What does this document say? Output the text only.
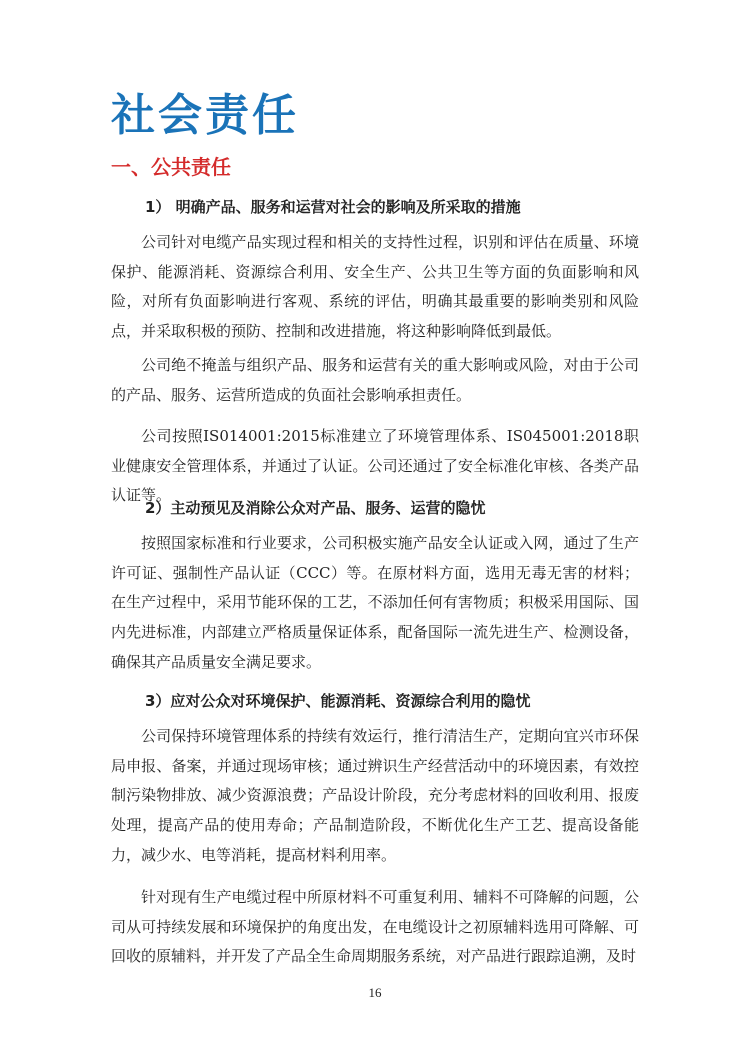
社会责任
一、公共责任
1） 明确产品、服务和运营对社会的影响及所采取的措施

公司针对电缆产品实现过程和相关的支持性过程，识别和评估在质量、环境保护、能源消耗、资源综合利用、安全生产、公共卫生等方面的负面影响和风险，对所有负面影响进行客观、系统的评估，明确其最重要的影响类别和风险点，并采取积极的预防、控制和改进措施，将这种影响降低到最低。

公司绝不掩盖与组织产品、服务和运营有关的重大影响或风险，对由于公司的产品、服务、运营所造成的负面社会影响承担责任。

公司按照IS014001:2015标准建立了环境管理体系、IS045001:2018职业健康安全管理体系，并通过了认证。公司还通过了安全标准化审核、各类产品认证等。

2）主动预见及消除公众对产品、服务、运营的隐忧

按照国家标准和行业要求，公司积极实施产品安全认证或入网，通过了生产许可证、强制性产品认证（CCC）等。在原材料方面，选用无毒无害的材料；在生产过程中，采用节能环保的工艺，不添加任何有害物质；积极采用国际、国内先进标准，内部建立严格质量保证体系，配备国际一流先进生产、检测设备，确保其产品质量安全满足要求。

3）应对公众对环境保护、能源消耗、资源综合利用的隐忧

公司保持环境管理体系的持续有效运行，推行清洁生产，定期向宜兴市环保局申报、备案，并通过现场审核；通过辨识生产经营活动中的环境因素，有效控制污染物排放、减少资源浪费；产品设计阶段，充分考虑材料的回收利用、报废处理，提高产品的使用寿命；产品制造阶段，不断优化生产工艺、提高设备能力，减少水、电等消耗，提高材料利用率。

针对现有生产电缆过程中所原材料不可重复利用、辅料不可降解的问题，公司从可持续发展和环境保护的角度出发，在电缆设计之初原辅料选用可降解、可回收的原辅料，并开发了产品全生命周期服务系统，对产品进行跟踪追溯，及时

16
